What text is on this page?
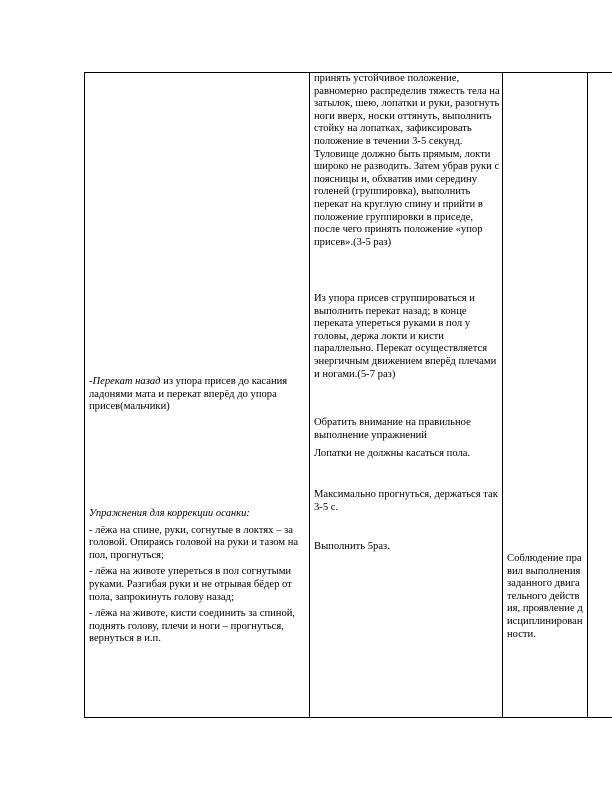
-Перекат назад из упора присев до касания ладонями мата и перекат вперёд до упора присев(мальчики)

Упражнения для коррекции осанки:

- лёжа на спине, руки, согнутые в локтях – за головой. Опираясь головой на руки и тазом на пол, прогнуться;

- лёжа на животе упереться в пол согнутыми руками. Разгибая руки и не отрывая бёдер от пола, запрокинуть голову назад;

- лёжа на животе, кисти соединить за спиной, поднять голову, плечи и ноги – прогнуться, вернуться в и.п.

принять устойчивое положение, равномерно распределив тяжесть тела на затылок, шею, лопатки и руки, разогнуть ноги вверх, носки оттянуть, выполнить стойку на лопатках, зафиксировать положение в течении 3-5 секунд. Туловище должно быть прямым, локти широко не разводить. Затем убрав руки с поясницы и, обхватив ими середину голеней (группировка), выполнить перекат на круглую спину и прийти в положение группировки в приседе, после чего принять положение «упор присев».(3-5 раз)
Из упора присев сгруппироваться и выполнить перекат назад; в конце переката упереться руками в пол у головы, держа локти и кисти параллельно. Перекат осуществляется энергичным движением вперёд плечами и ногами.(5-7 раз)
Обратить внимание на правильное выполнение упражнений
Лопатки не должны касаться пола.
Максимально прогнуться, держаться так 3-5 с.
Выполнить 5раз.
Соблюдение правил выполнения заданного двигательного действия, проявление дисциплинированности.
